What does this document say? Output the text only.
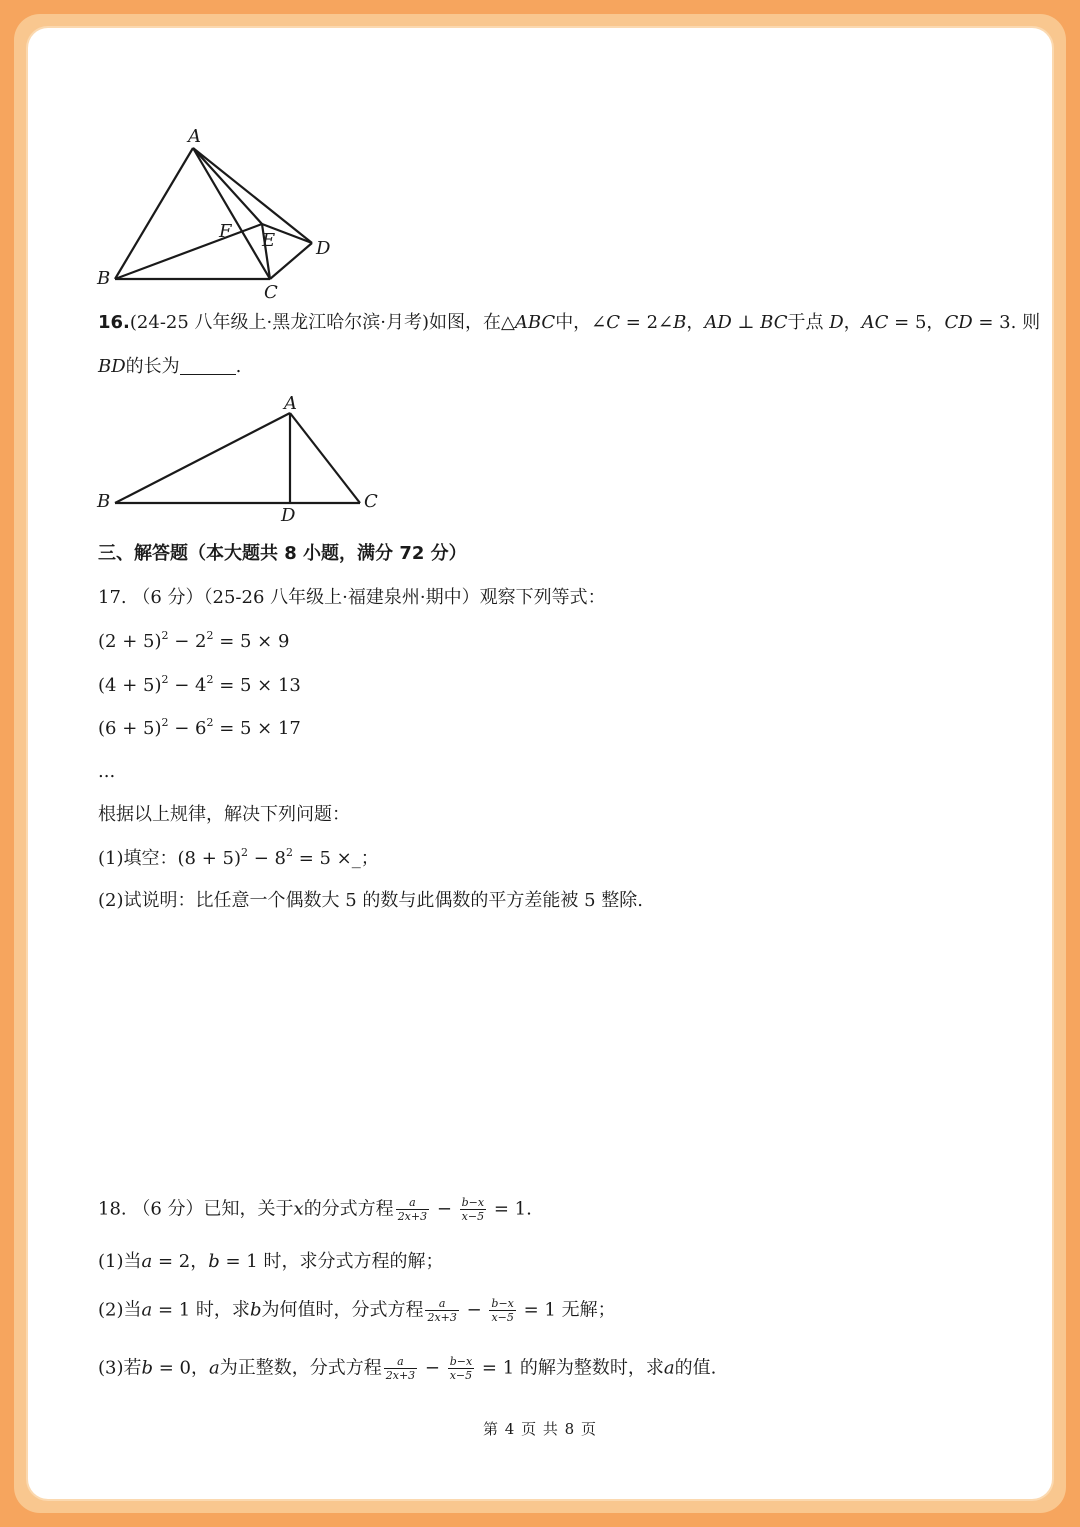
A
B
C
D
E
F
16.(24-25 八年级上·黑龙江哈尔滨·月考)如图，在△ABC中，∠C = 2∠B，AD ⊥ BC于点 D，AC = 5，CD = 3. 则
BD的长为	.
A
B	C
D
三、解答题（本大题共 8 小题，满分 72 分）
17. （6 分）（25-26 八年级上·福建泉州·期中）观察下列等式：
$(2 + 5)^2 - 2^2 = 5 \times 9$
$(4 + 5)^2 - 4^2 = 5 \times 13$
$(6 + 5)^2 - 6^2 = 5 \times 17$
...
根据以上规律，解决下列问题：
(1)填空：$(8 + 5)^2 - 8^2 = 5$ ×_；
(2)试说明：比任意一个偶数大 5 的数与此偶数的平方差能被 5 整除.
18. （6 分）已知，关于x的分式方程 $\frac{a}{2x+3} - \frac{b-x}{x-5} = 1$.
(1)当a = 2，b = 1 时，求分式方程的解；
(2)当a = 1 时，求b为何值时，分式方程 $\frac{a}{2x+3} - \frac{b-x}{x-5} = 1$ 无解；
(3)若b = 0，a为正整数，分式方程 $\frac{a}{2x+3} - \frac{b-x}{x-5} = 1$ 的解为整数时，求a的值.
第 4 页 共 8 页
